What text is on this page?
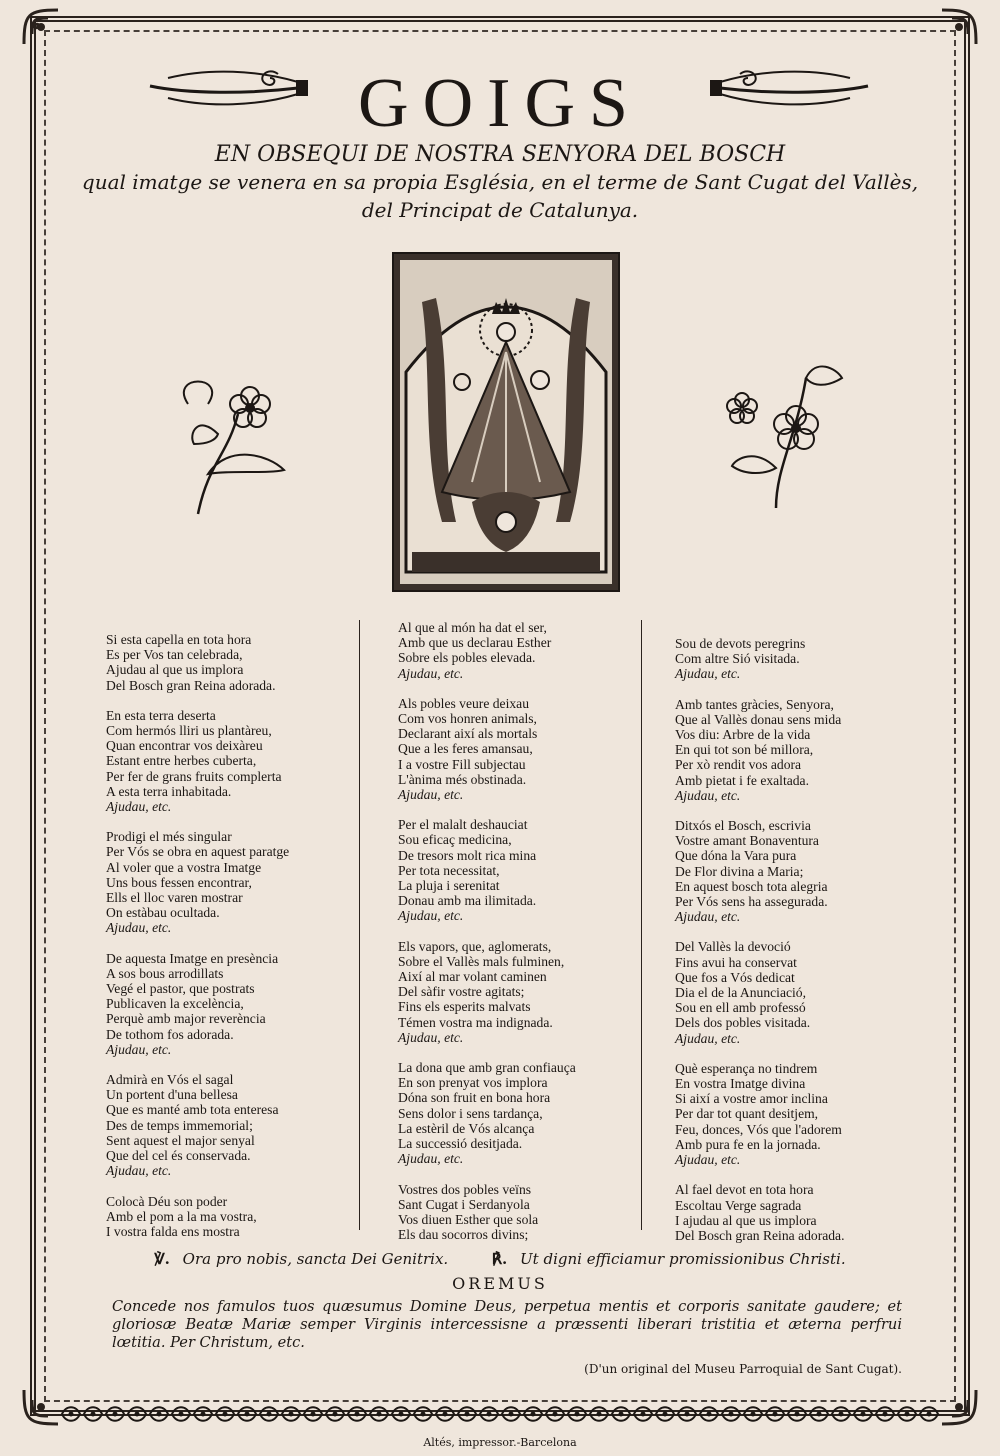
GOIGS
EN OBSEQUI DE NOSTRA SENYORA DEL BOSCH
qual imatge se venera en sa propia Església, en el terme de Sant Cugat del Vallès,
del Principat de Catalunya.
Si esta capella en tota hora
Es per Vos tan celebrada,
Ajudau al que us implora
Del Bosch gran Reina adorada.
En esta terra deserta
Com hermós lliri us plantàreu,
Quan encontrar vos deixàreu
Estant entre herbes cuberta,
Per fer de grans fruits complerta
A esta terra inhabitada.
Ajudau, etc.
Prodigi el més singular
Per Vós se obra en aquest paratge
Al voler que a vostra Imatge
Uns bous fessen encontrar,
Ells el lloc varen mostrar
On estàbau ocultada.
Ajudau, etc.
De aquesta Imatge en presència
A sos bous arrodillats
Vegé el pastor, que postrats
Publicaven la excelència,
Perquè amb major reverència
De tothom fos adorada.
Ajudau, etc.
Admirà en Vós el sagal
Un portent d'una bellesa
Que es manté amb tota enteresa
Des de temps immemorial;
Sent aquest el major senyal
Que del cel és conservada.
Ajudau, etc.
Colocà Déu son poder
Amb el pom a la ma vostra,
I vostra falda ens mostra
Al que al món ha dat el ser,
Amb que us declarau Esther
Sobre els pobles elevada.
Ajudau, etc.
Als pobles veure deixau
Com vos honren animals,
Declarant així als mortals
Que a les feres amansau,
I a vostre Fill subjectau
L'ànima més obstinada.
Ajudau, etc.
Per el malalt deshauciat
Sou eficaç medicina,
De tresors molt rica mina
Per tota necessitat,
La pluja i serenitat
Donau amb ma ilimitada.
Ajudau, etc.
Els vapors, que, aglomerats,
Sobre el Vallès mals fulminen,
Així al mar volant caminen
Del sàfir vostre agitats;
Fins els esperits malvats
Témen vostra ma indignada.
Ajudau, etc.
La dona que amb gran confiauça
En son prenyat vos implora
Dóna son fruit en bona hora
Sens dolor i sens tardança,
La estèril de Vós alcança
La successió desitjada.
Ajudau, etc.
Vostres dos pobles veïns
Sant Cugat i Serdanyola
Vos diuen Esther que sola
Els dau socorros divins;
Sou de devots peregrins
Com altre Sió visitada.
Ajudau, etc.
Amb tantes gràcies, Senyora,
Que al Vallès donau sens mida
Vos diu: Arbre de la vida
En qui tot son bé millora,
Per xò rendit vos adora
Amb pietat i fe exaltada.
Ajudau, etc.
Ditxós el Bosch, escrivia
Vostre amant Bonaventura
Que dóna la Vara pura
De Flor divina a Maria;
En aquest bosch tota alegria
Per Vós sens ha assegurada.
Ajudau, etc.
Del Vallès la devoció
Fins avui ha conservat
Que fos a Vós dedicat
Dia el de la Anunciació,
Sou en ell amb professó
Dels dos pobles visitada.
Ajudau, etc.
Què esperança no tindrem
En vostra Imatge divina
Si així a vostre amor inclina
Per dar tot quant desitjem,
Feu, donces, Vós que l'adorem
Amb pura fe en la jornada.
Ajudau, etc.
Al fael devot en tota hora
Escoltau Verge sagrada
I ajudau al que us implora
Del Bosch gran Reina adorada.
℣. Ora pro nobis, sancta Dei Genitrix.	℟. Ut digni efficiamur promissionibus Christi.
OREMUS
Concede nos famulos tuos quæsumus Domine Deus, perpetua mentis et corporis sanitate gaudere; et gloriosæ Beatæ Mariæ semper Virginis intercessisne a præssenti liberari tristitia et æterna perfrui lœtitia. Per Christum, etc.
(D'un original del Museu Parroquial de Sant Cugat).
Altés, impressor.-Barcelona
